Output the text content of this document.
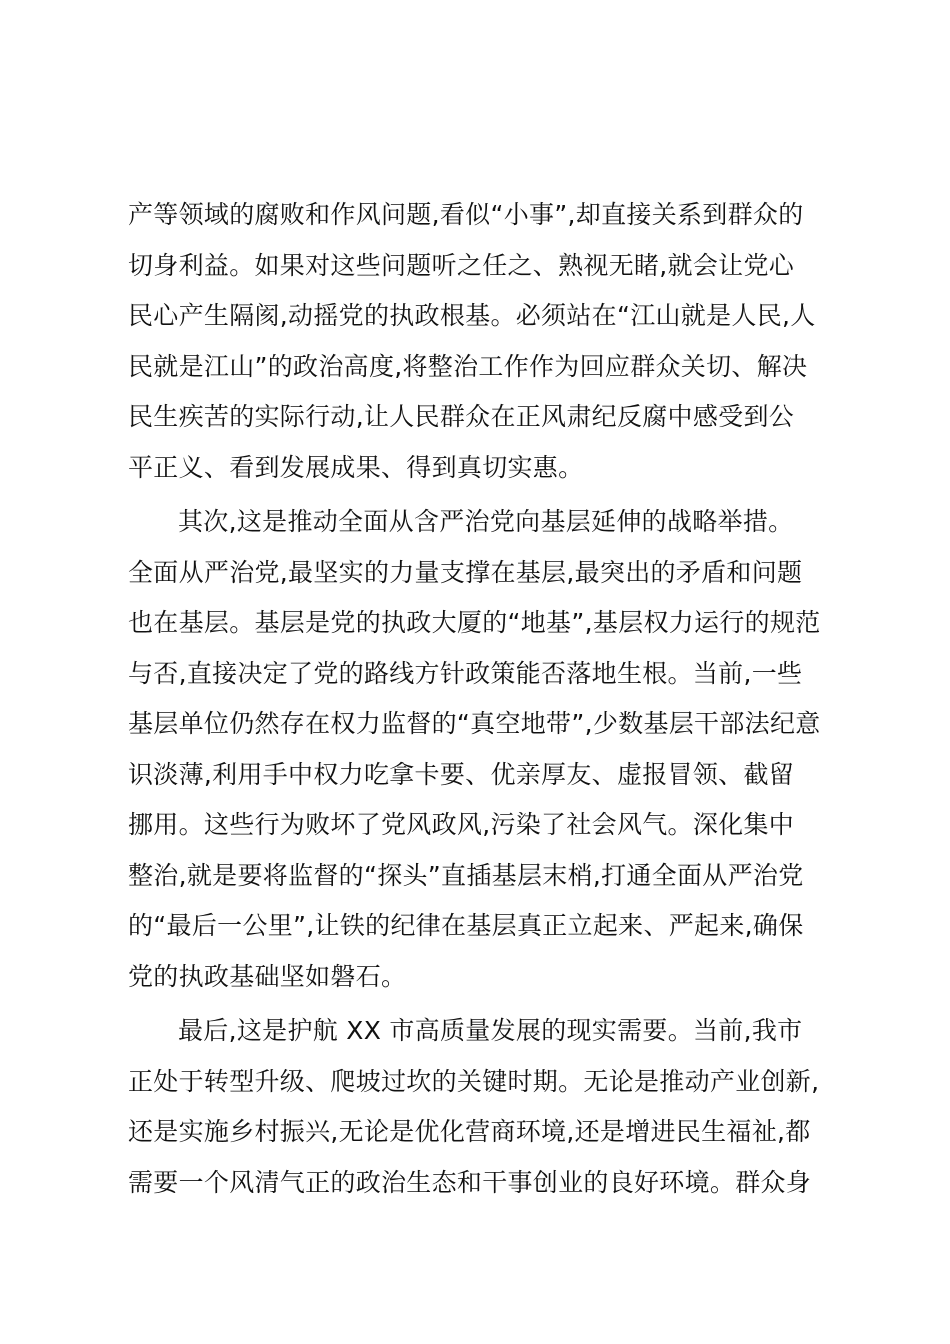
产等领域的腐败和作风问题,看似“小事”,却直接关系到群众的
切身利益。如果对这些问题听之任之、熟视无睹,就会让党心
民心产生隔阂,动摇党的执政根基。必须站在“江山就是人民,人
民就是江山”的政治高度,将整治工作作为回应群众关切、解决
民生疾苦的实际行动,让人民群众在正风肃纪反腐中感受到公
平正义、看到发展成果、得到真切实惠。
其次,这是推动全面从含严治党向基层延伸的战略举措。
全面从严治党,最坚实的力量支撑在基层,最突出的矛盾和问题
也在基层。基层是党的执政大厦的“地基”,基层权力运行的规范
与否,直接决定了党的路线方针政策能否落地生根。当前,一些
基层单位仍然存在权力监督的“真空地带”,少数基层干部法纪意
识淡薄,利用手中权力吃拿卡要、优亲厚友、虚报冒领、截留
挪用。这些行为败坏了党风政风,污染了社会风气。深化集中
整治,就是要将监督的“探头”直插基层末梢,打通全面从严治党
的“最后一公里”,让铁的纪律在基层真正立起来、严起来,确保
党的执政基础坚如磐石。
最后,这是护航 XX 市高质量发展的现实需要。当前,我市
正处于转型升级、爬坡过坎的关键时期。无论是推动产业创新,
还是实施乡村振兴,无论是优化营商环境,还是增进民生福祉,都
需要一个风清气正的政治生态和干事创业的良好环境。群众身
